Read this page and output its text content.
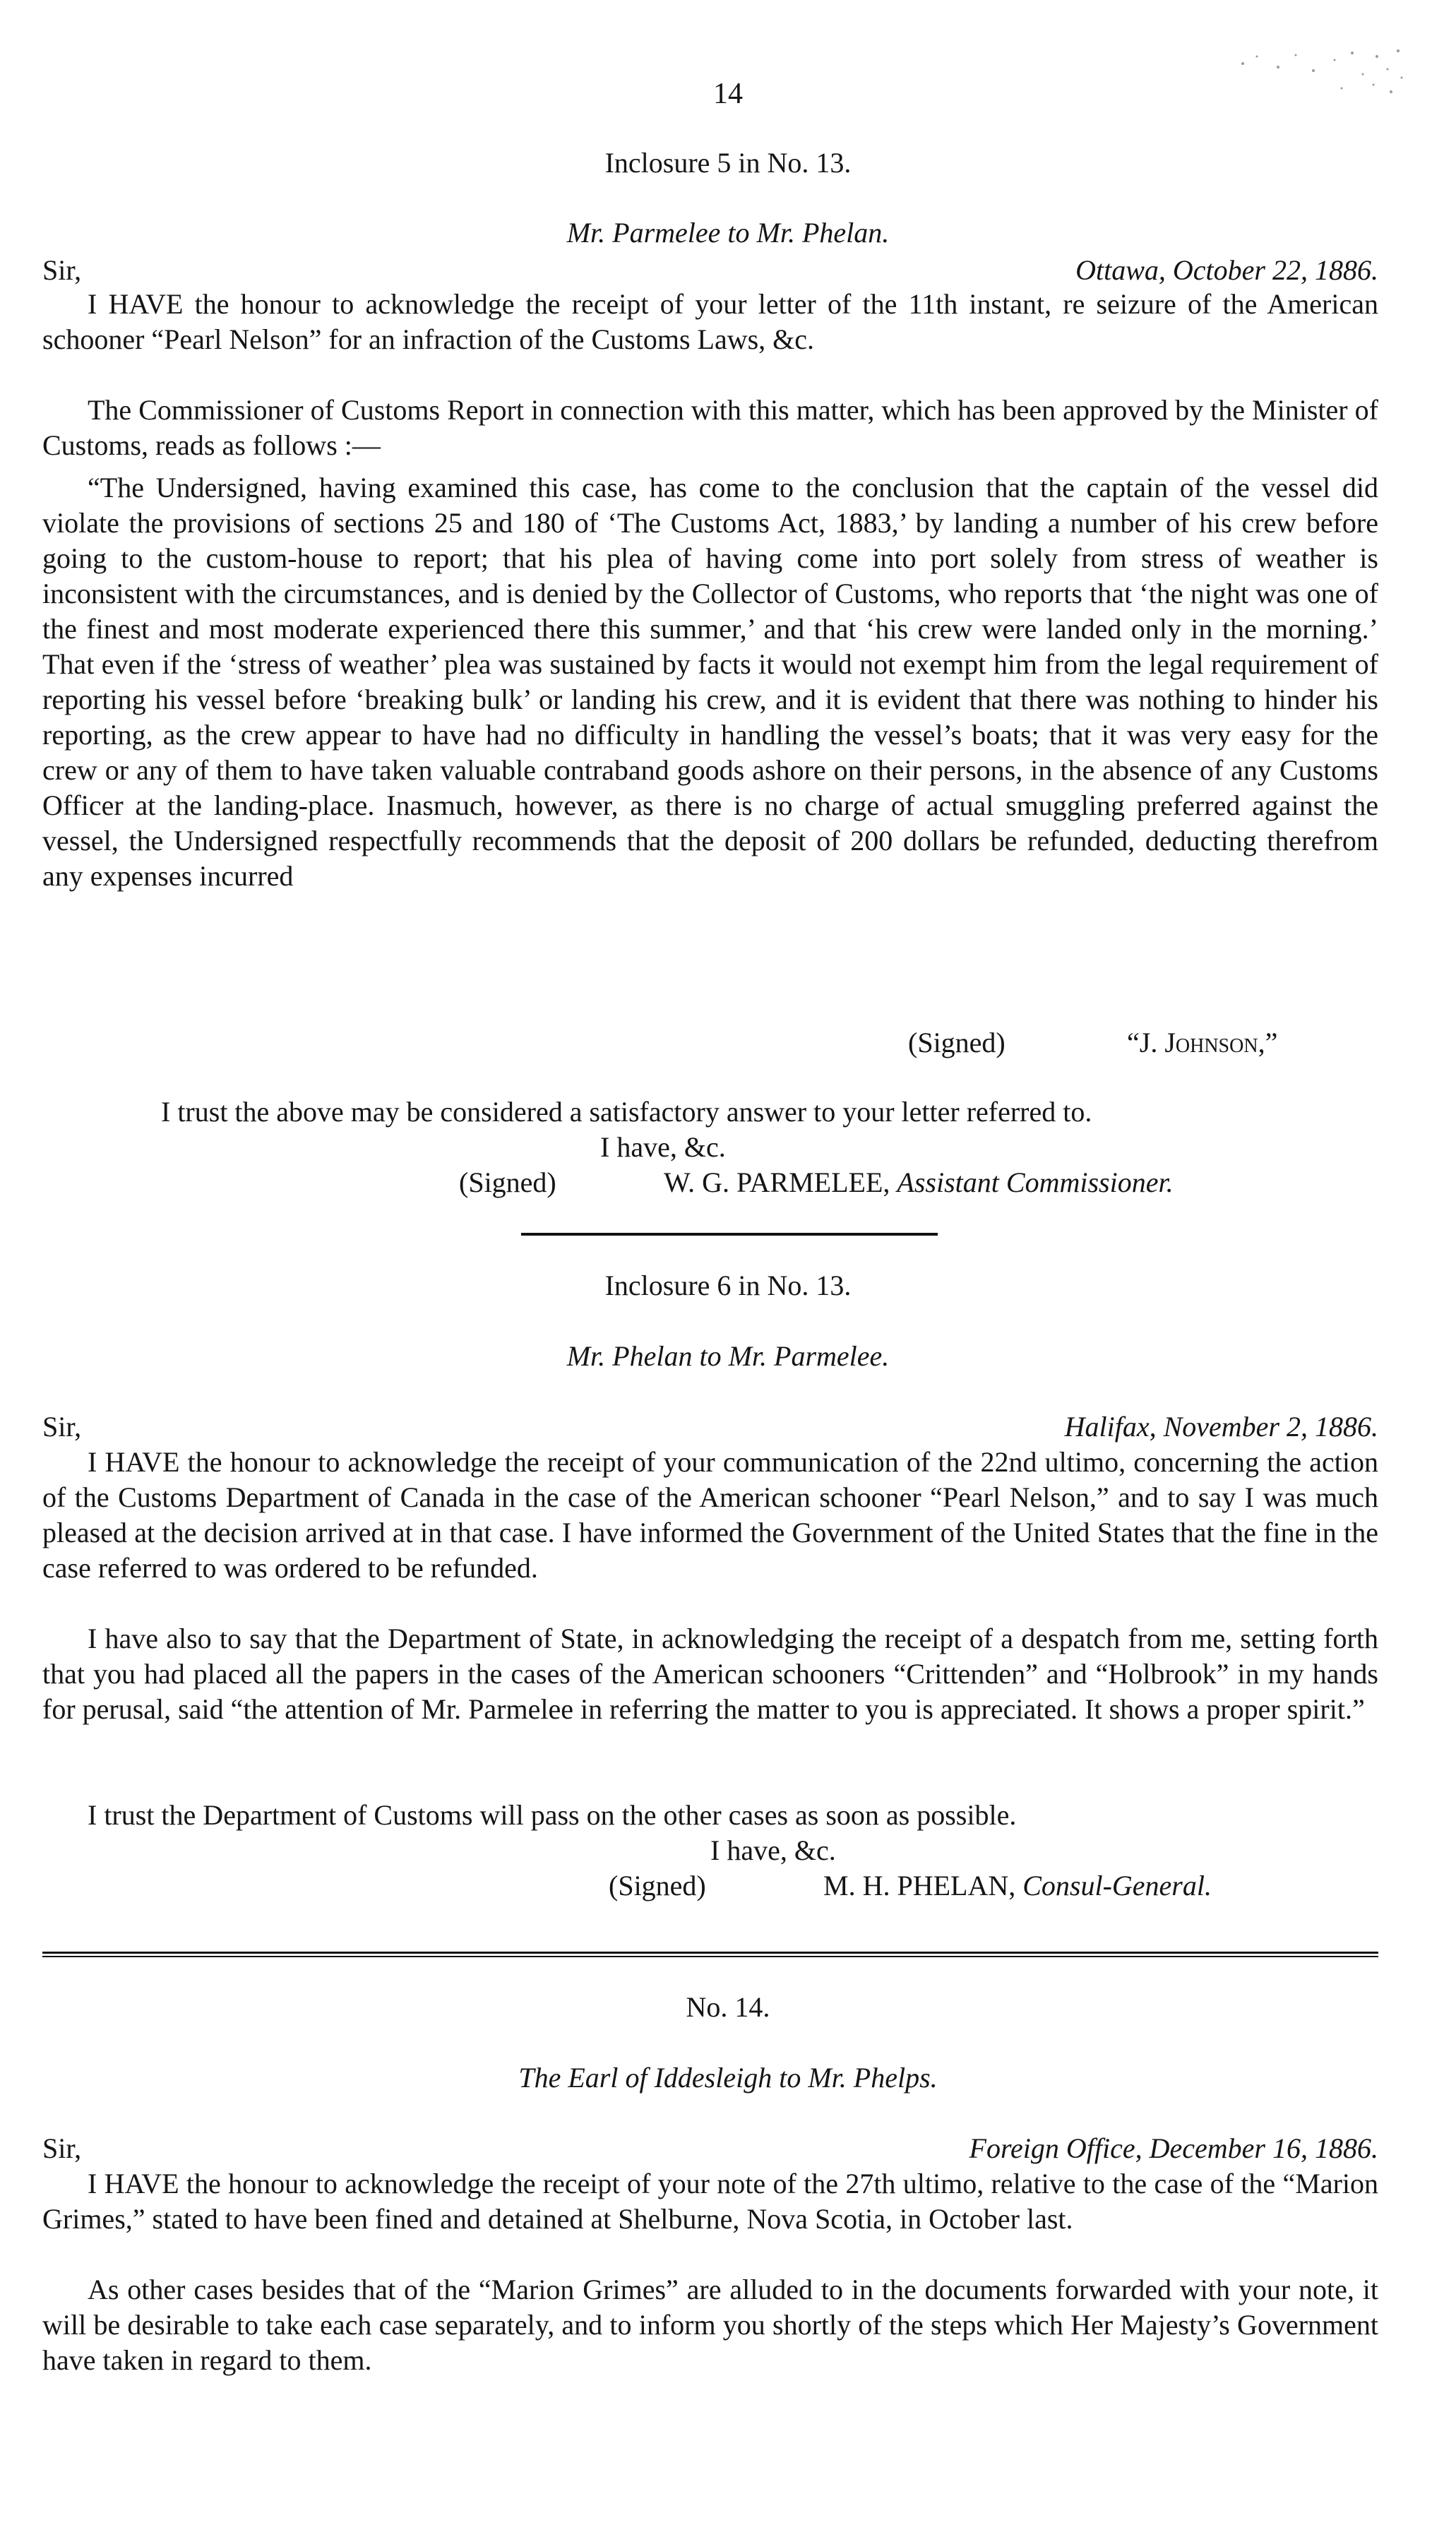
14
Inclosure 5 in No. 13.
Mr. Parmelee to Mr. Phelan.
Sir,	Ottawa, October 22, 1886.
I HAVE the honour to acknowledge the receipt of your letter of the 11th instant, re seizure of the American schooner “Pearl Nelson” for an infraction of the Customs Laws, &c.
The Commissioner of Customs Report in connection with this matter, which has been approved by the Minister of Customs, reads as follows :—
“The Undersigned, having examined this case, has come to the conclusion that the captain of the vessel did violate the provisions of sections 25 and 180 of ‘The Customs Act, 1883,’ by landing a number of his crew before going to the custom-house to report; that his plea of having come into port solely from stress of weather is inconsistent with the circumstances, and is denied by the Collector of Customs, who reports that ‘the night was one of the finest and most moderate experienced there this summer,’ and that ‘his crew were landed only in the morning.’ That even if the ‘stress of weather’ plea was sustained by facts it would not exempt him from the legal requirement of reporting his vessel before ‘breaking bulk’ or landing his crew, and it is evident that there was nothing to hinder his reporting, as the crew appear to have had no difficulty in handling the vessel’s boats; that it was very easy for the crew or any of them to have taken valuable contraband goods ashore on their persons, in the absence of any Customs Officer at the landing-place. Inasmuch, however, as there is no charge of actual smuggling preferred against the vessel, the Undersigned respectfully recommends that the deposit of 200 dollars be refunded, deducting therefrom any expenses incurred
(Signed)	“J. Johnson,”
I trust the above may be considered a satisfactory answer to your letter referred to.
I have, &c.
(Signed)	W. G. PARMELEE, Assistant Commissioner.
Inclosure 6 in No. 13.
Mr. Phelan to Mr. Parmelee.
Sir,	Halifax, November 2, 1886.
I HAVE the honour to acknowledge the receipt of your communication of the 22nd ultimo, concerning the action of the Customs Department of Canada in the case of the American schooner “Pearl Nelson,” and to say I was much pleased at the decision arrived at in that case. I have informed the Government of the United States that the fine in the case referred to was ordered to be refunded.
I have also to say that the Department of State, in acknowledging the receipt of a despatch from me, setting forth that you had placed all the papers in the cases of the American schooners “Crittenden” and “Holbrook” in my hands for perusal, said “the attention of Mr. Parmelee in referring the matter to you is appreciated. It shows a proper spirit.”
I trust the Department of Customs will pass on the other cases as soon as possible.
I have, &c.
(Signed)	M. H. PHELAN, Consul-General.
No. 14.
The Earl of Iddesleigh to Mr. Phelps.
Sir,	Foreign Office, December 16, 1886.
I HAVE the honour to acknowledge the receipt of your note of the 27th ultimo, relative to the case of the “Marion Grimes,” stated to have been fined and detained at Shelburne, Nova Scotia, in October last.
As other cases besides that of the “Marion Grimes” are alluded to in the documents forwarded with your note, it will be desirable to take each case separately, and to inform you shortly of the steps which Her Majesty’s Government have taken in regard to them.
